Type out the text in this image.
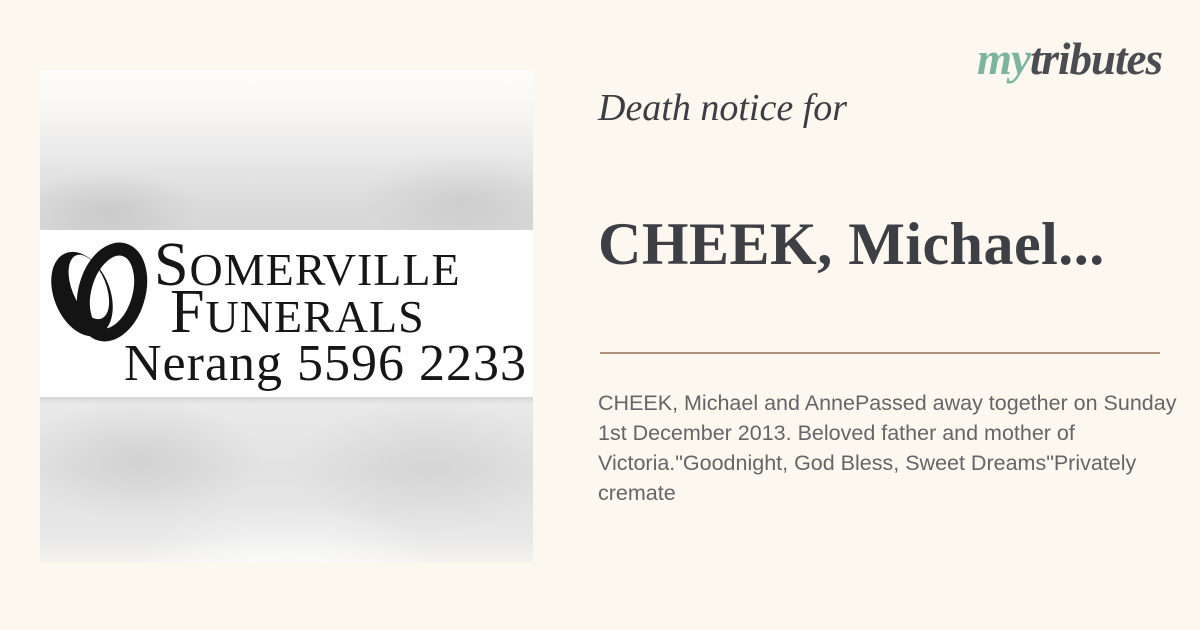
SOMERVILLE
FUNERALS
Nerang 5596 2233
mytributes
Death notice for
CHEEK, Michael...
CHEEK, Michael and AnnePassed away together on Sunday
1st December 2013. Beloved father and mother of
Victoria."Goodnight, God Bless, Sweet Dreams"Privately
cremate
